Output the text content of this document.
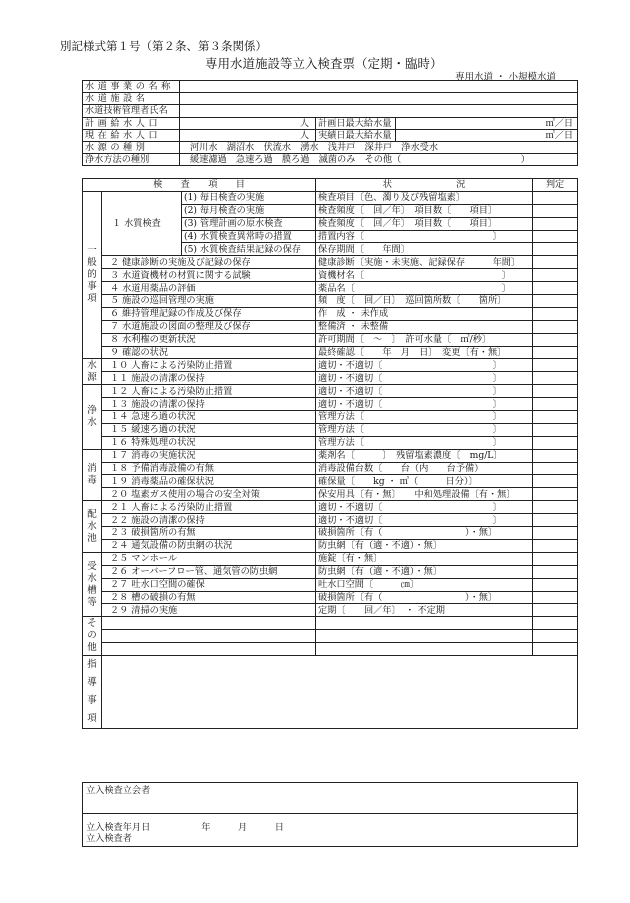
別記様式第１号（第２条、第３条関係）
専用水道施設等立入検査票（定期・臨時）
専用水道 ・ 小規模水道
水道事業の名称			
水道施設名			
水道技術管理者氏名			
計画給水人口	人	計画日最大給水量	㎥／日
現在給水人口	人	実績日最大給水量	㎥／日
水源の種別	河川水　湖沼水　伏流水　湧水　浅井戸　深井戸　浄水受水		
浄水方法の種別	緩速濾過　急速ろ過　膜ろ過　滅菌のみ　その他（　　　　　　　　　　　　　）		
検　　査　　項　　目			状　　　　　　　況	判定

一
般
的
事
項	１ 水質検査	(1) 毎日検査の実施	検査項目〔色、濁り及び残留塩素〕	
		(2) 毎月検査の実施	検査頻度〔　回／年〕　項目数〔　　項目〕	
		(3) 管理計画の原水検査	検査頻度〔　回／年〕　項目数〔　　項目〕	
		(4) 水質検査異常時の措置	措置内容〔　　　　　　　　　　　　　　〕	
		(5) 水質検査結果記録の保存	保存期間〔　　年間〕	
	２ 健康診断の実施及び記録の保存		健康診断〔実施・未実施、記録保存　　　年間〕	
	３ 水道資機材の材質に関する試験		資機材名〔　　　　　　　　　　　　　　　〕	
	４ 水道用薬品の評価		薬品名〔　　　　　　　　　　　　　　　　〕	
	５ 施設の巡回管理の実施		頻　度〔　回／日〕　巡回箇所数〔　　箇所〕	
	６ 維持管理記録の作成及び保存		作　成 ・ 未作成	
	７ 水道施設の図面の整理及び保存		整備済 ・ 未整備	
	８ 水利権の更新状況		許可期間〔　〜　〕　許可水量〔　㎥/秒〕	
	９ 確認の状況		最終確認〔　　年　月　日〕　変更〔有・無〕	

水
源	１０ 人畜による汚染防止措置		適切・不適切〔　　　　　　　　　　　　〕	
	１１ 施設の清潔の保持		適切・不適切〔　　　　　　　　　　　　〕	

浄
水	１２ 人畜による汚染防止措置		適切・不適切〔　　　　　　　　　　　　〕	
	１３ 施設の清潔の保持		適切・不適切〔　　　　　　　　　　　　〕	
	１４ 急速ろ過の状況		管理方法〔　　　　　　　　　　　　　　〕	
	１５ 緩速ろ過の状況		管理方法〔　　　　　　　　　　　　　　〕	
	１６ 特殊処理の状況		管理方法〔　　　　　　　　　　　　　　〕	

消
毒	１７ 消毒の実施状況		薬剤名〔　　　〕　残留塩素濃度〔　mg/L〕	
	１８ 予備消毒設備の有無		消毒設備台数〔　　台（内　　台予備）	
	１９ 消毒薬品の確保状況		確保量〔　　kg ・ ㎥（　　　日分）〕	
	２０ 塩素ガス使用の場合の安全対策		保安用具〔有・無〕　　中和処理設備〔有・無〕	

配
水
池	２１ 人畜による汚染防止措置		適切・不適切〔　　　　　　　　　　　　〕	
	２２ 施設の清潔の保持		適切・不適切〔　　　　　　　　　　　　〕	
	２３ 破損箇所の有無		破損箇所〔有（　　　　　　　　　）・無〕	
	２４ 通気設備の防虫網の状況		防虫網〔有（適・不適）・無〕	

受
水
槽
等	２５ マンホール		施錠〔有・無〕	
	２６ オーバーフロー管、通気管の防虫網		防虫網〔有（適・不適）・無〕	
	２７ 吐水口空間の確保		吐水口空間〔　　　㎝〕	
	２８ 槽の破損の有無		破損箇所〔有（　　　　　　　　　）・無〕	
	２９ 清掃の実施		定期〔　　回／年〕　・ 不定期	

そ
の
他				

指
導
事
項				

立入検査立会者
立入検査年月日	年　　　月　　　日
立入検査者
